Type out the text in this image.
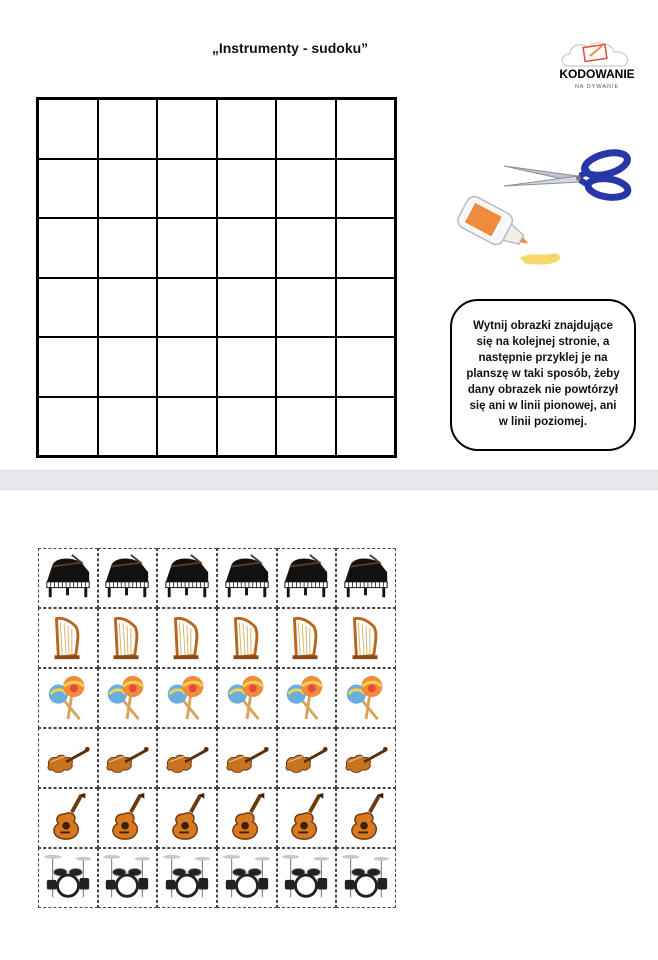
„Instrumenty - sudoku”
KODOWANIE
NA DYWANIE
Wytnij obrazki znajdujące się na kolejnej stronie, a następnie przyklej je na planszę w taki sposób, żeby dany obrazek nie powtórzył się ani w linii pionowej, ani w linii poziomej.
